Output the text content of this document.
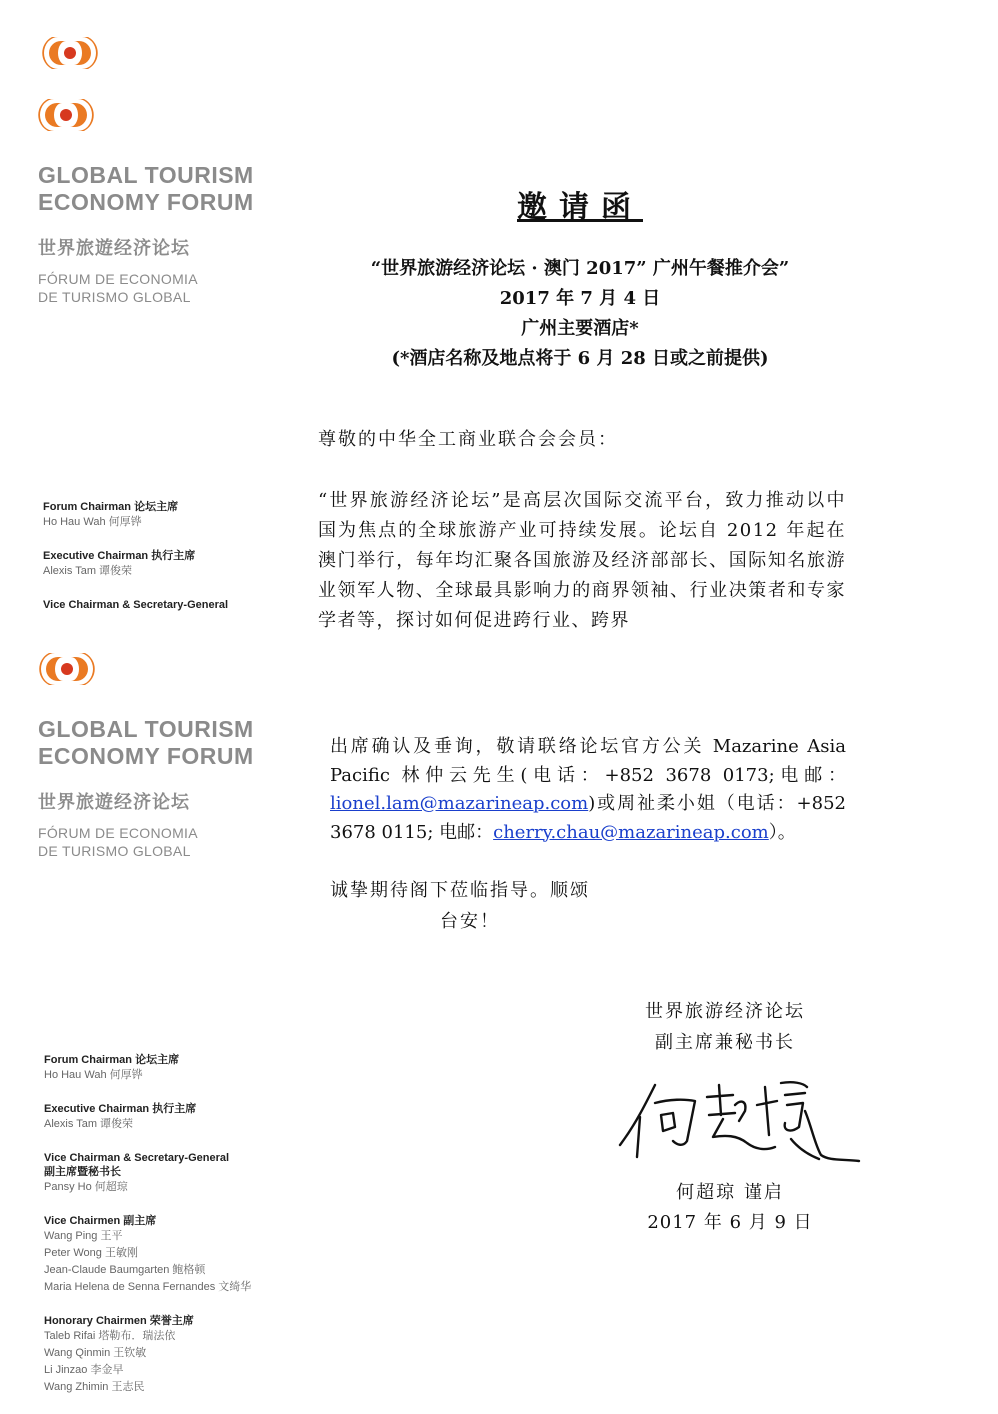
GLOBAL TOURISM
ECONOMY FORUM
世界旅遊经济论坛
FÓRUM DE ECONOMIA
DE TURISMO GLOBAL
GLOBAL TOURISM
ECONOMY FORUM
世界旅遊经济论坛
FÓRUM DE ECONOMIA
DE TURISMO GLOBAL
Forum Chairman 论坛主席
Ho Hau Wah 何厚铧
Executive Chairman 执行主席
Alexis Tam 谭俊荣
Vice Chairman & Secretary-General
Forum Chairman 论坛主席
Ho Hau Wah 何厚铧
Executive Chairman 执行主席
Alexis Tam 谭俊荣
Vice Chairman & Secretary-General
副主席暨秘书长
Pansy Ho 何超琼
Vice Chairmen 副主席
Wang Ping 王平
Peter Wong 王敏刚
Jean-Claude Baumgarten 鲍格顿
Maria Helena de Senna Fernandes 文绮华
Honorary Chairmen 荣誉主席
Taleb Rifai 塔勒布．瑞法依
Wang Qinmin 王钦敏
Li Jinzao 李金早
Wang Zhimin 王志民
邀请函
“世界旅游经济论坛 · 澳门 2017” 广州午餐推介会”
2017 年 7 月 4 日
广州主要酒店*
(*酒店名称及地点将于 6 月 28 日或之前提供)
尊敬的中华全工商业联合会会员：
“世界旅游经济论坛”是高层次国际交流平台，致力推动以中国为焦点的全球旅游产业可持续发展。论坛自 2012 年起在澳门举行，每年均汇聚各国旅游及经济部部长、国际知名旅游业领军人物、全球最具影响力的商界领袖、行业决策者和专家学者等，探讨如何促进跨行业、跨界
出席确认及垂询，敬请联络论坛官方公关 Mazarine Asia Pacific 林仲云先生(电话：+852 3678 0173;电邮：lionel.lam@mazarineap.com)或周祉柔小姐（电话：+852 3678 0115; 电邮：cherry.chau@mazarineap.com）。
诚挚期待阁下莅临指导。顺颂
台安！
世界旅游经济论坛
副主席兼秘书长
何超琼 谨启
2017 年 6 月 9 日
